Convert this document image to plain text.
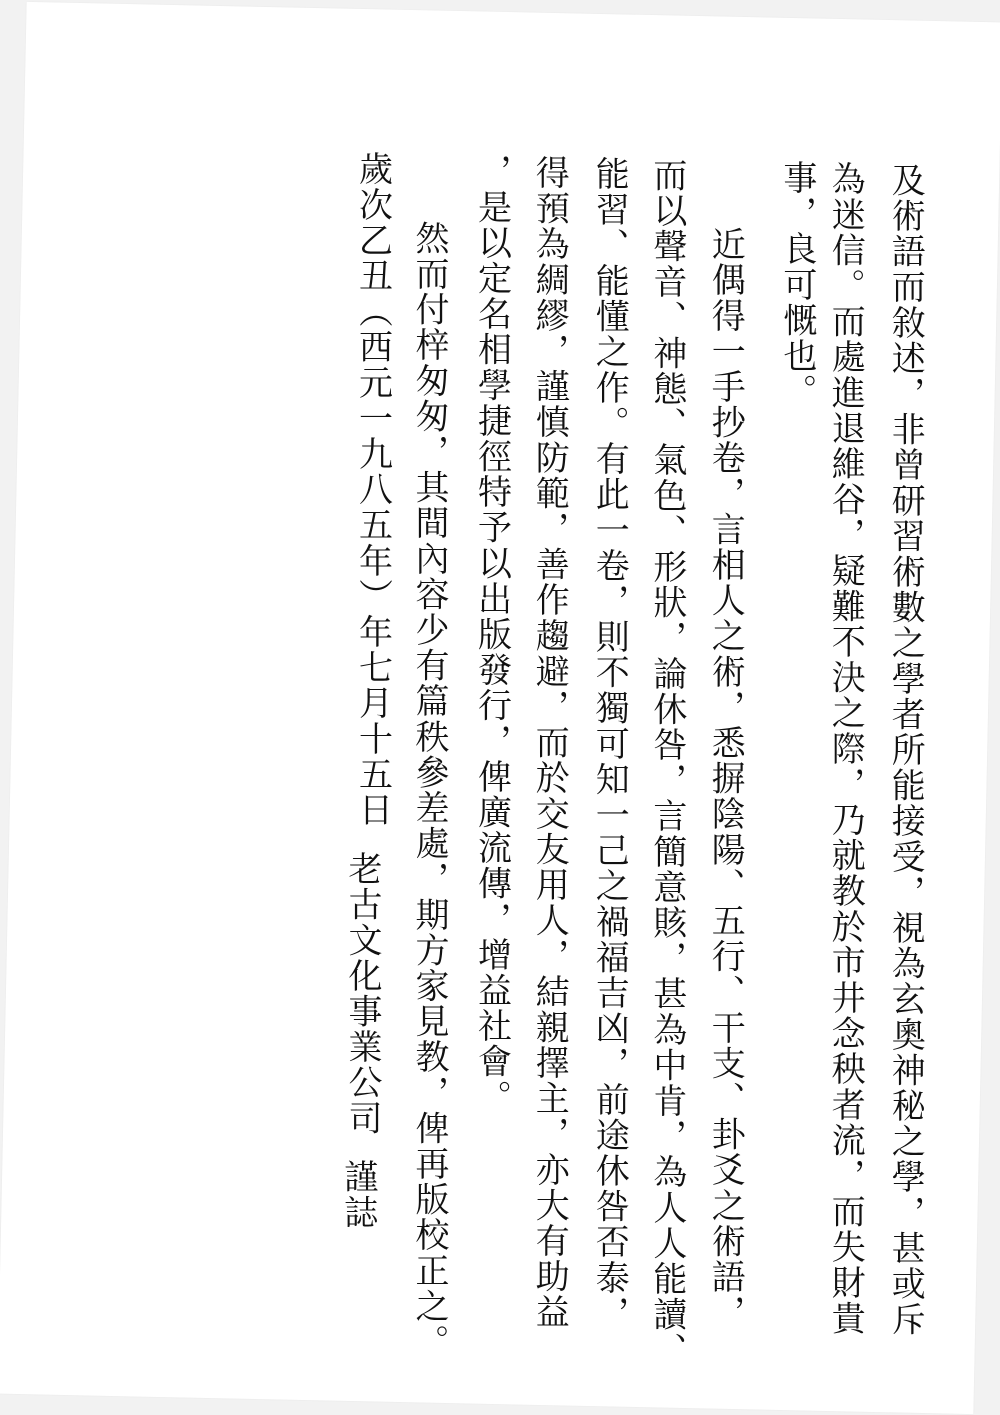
及術語而敘述，非曾研習術數之學者所能接受，視為玄奧神秘之學，甚或斥
為迷信。而處進退維谷，疑難不決之際，乃就教於市井念秧者流，而失財貴
事，良可慨也。
近偶得一手抄卷，言相人之術，悉摒陰陽、五行、干支、卦爻之術語，
而以聲音、神態、氣色、形狀，論休咎，言簡意賅，甚為中肯，為人人能讀、
能習、能懂之作。有此一卷，則不獨可知一己之禍福吉凶，前途休咎否泰，
得預為綢繆，謹慎防範，善作趨避，而於交友用人，結親擇主，亦大有助益
，是以定名相學捷徑特予以出版發行，俾廣流傳，增益社會。
然而付梓匆匆，其間內容少有篇秩參差處，期方家見教，俾再版校正之。
歲次乙丑（西元一九八五年）年七月十五日
老古文化事業公司
謹誌
